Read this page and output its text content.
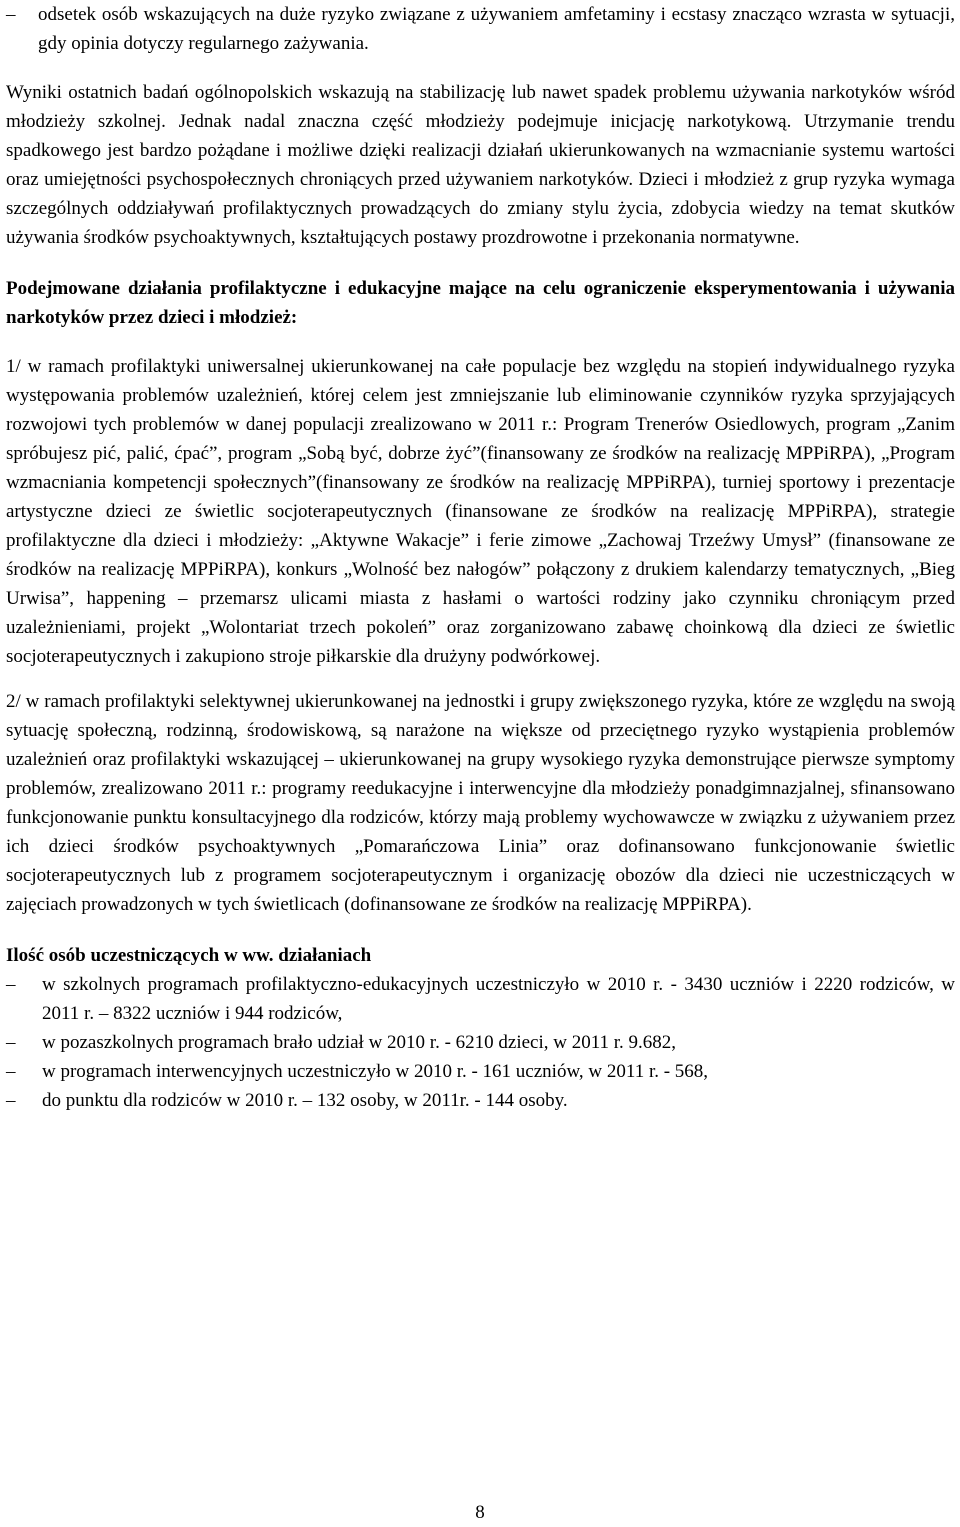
–	odsetek osób wskazujących na duże ryzyko związane z używaniem amfetaminy i ecstasy znacząco wzrasta w sytuacji, gdy opinia dotyczy regularnego zażywania.

Wyniki ostatnich badań ogólnopolskich wskazują na stabilizację lub nawet spadek problemu używania narkotyków wśród młodzieży szkolnej. Jednak nadal znaczna część młodzieży podejmuje inicjację narkotykową. Utrzymanie trendu spadkowego jest bardzo pożądane i możliwe dzięki realizacji działań ukierunkowanych na wzmacnianie systemu wartości oraz umiejętności psychospołecznych chroniących przed używaniem narkotyków. Dzieci i młodzież z grup ryzyka wymaga szczególnych oddziaływań profilaktycznych prowadzących do zmiany stylu życia, zdobycia wiedzy na temat skutków używania środków psychoaktywnych, kształtujących postawy prozdrowotne i przekonania normatywne.

Podejmowane działania profilaktyczne i edukacyjne mające na celu ograniczenie eksperymentowania i używania narkotyków przez dzieci i młodzież:

1/ w ramach profilaktyki uniwersalnej ukierunkowanej na całe populacje bez względu na stopień indywidualnego ryzyka występowania problemów uzależnień, której celem jest zmniejszanie lub eliminowanie czynników ryzyka sprzyjających rozwojowi tych problemów w danej populacji zrealizowano w 2011 r.: Program Trenerów Osiedlowych, program „Zanim spróbujesz pić, palić, ćpać”, program „Sobą być, dobrze żyć”(finansowany ze środków na realizację MPPiRPA), „Program wzmacniania kompetencji społecznych”(finansowany ze środków na realizację MPPiRPA), turniej sportowy i prezentacje artystyczne dzieci ze świetlic socjoterapeutycznych (finansowane ze środków na realizację MPPiRPA), strategie profilaktyczne dla dzieci i młodzieży: „Aktywne Wakacje” i ferie zimowe „Zachowaj Trzeźwy Umysł” (finansowane ze środków na realizację MPPiRPA), konkurs „Wolność bez nałogów” połączony z drukiem kalendarzy tematycznych, „Bieg Urwisa”, happening – przemarsz ulicami miasta z hasłami o wartości rodziny jako czynniku chroniącym przed uzależnieniami, projekt „Wolontariat trzech pokoleń” oraz zorganizowano zabawę choinkową dla dzieci ze świetlic socjoterapeutycznych i zakupiono stroje piłkarskie dla drużyny podwórkowej.

2/ w ramach profilaktyki selektywnej ukierunkowanej na jednostki i grupy zwiększonego ryzyka, które ze względu na swoją sytuację społeczną, rodzinną, środowiskową, są narażone na większe od przeciętnego ryzyko wystąpienia problemów uzależnień oraz profilaktyki wskazującej – ukierunkowanej na grupy wysokiego ryzyka demonstrujące pierwsze symptomy problemów, zrealizowano 2011 r.: programy reedukacyjne i interwencyjne dla młodzieży ponadgimnazjalnej, sfinansowano funkcjonowanie punktu konsultacyjnego dla rodziców, którzy mają problemy wychowawcze w związku z używaniem przez ich dzieci środków psychoaktywnych „Pomarańczowa Linia” oraz dofinansowano funkcjonowanie świetlic socjoterapeutycznych lub z programem socjoterapeutycznym i organizację obozów dla dzieci nie uczestniczących w zajęciach prowadzonych w tych świetlicach (dofinansowane ze środków na realizację MPPiRPA).

Ilość osób uczestniczących w ww. działaniach

–	w szkolnych programach profilaktyczno-edukacyjnych uczestniczyło w 2010 r. - 3430 uczniów i 2220 rodziców, w 2011 r. – 8322 uczniów i 944 rodziców,
–	w pozaszkolnych programach brało udział w 2010 r. - 6210 dzieci, w 2011 r. 9.682,
–	w programach interwencyjnych uczestniczyło w 2010 r. - 161 uczniów, w 2011 r. - 568,
–	do punktu dla rodziców w 2010 r. – 132 osoby, w 2011r. - 144 osoby.
8
